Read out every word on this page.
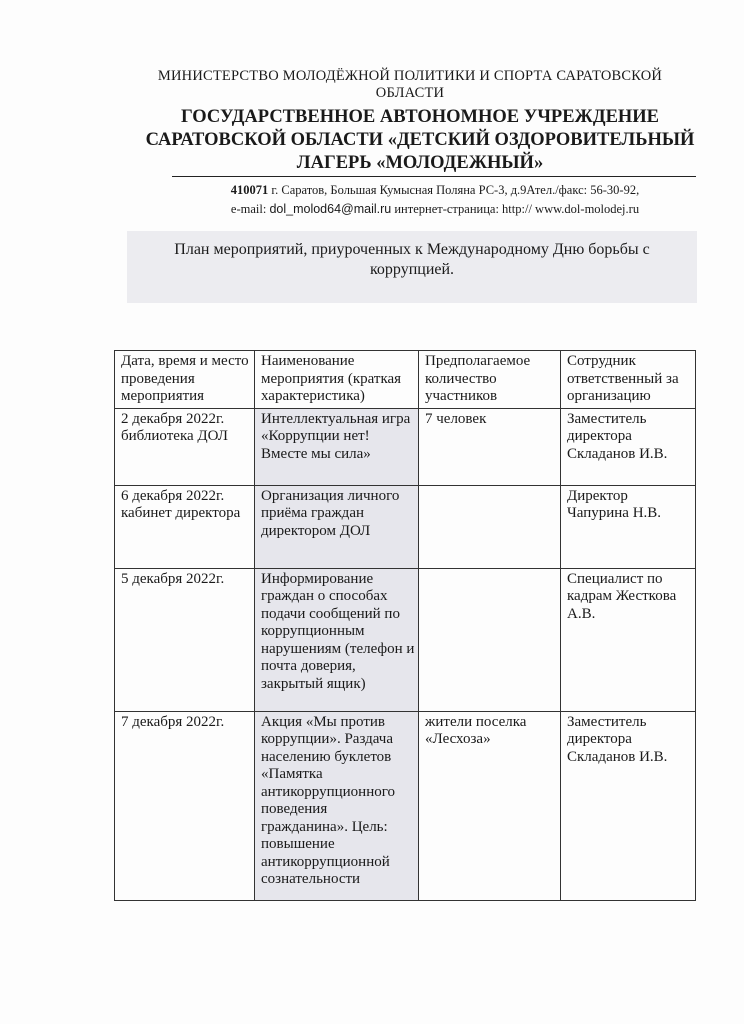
МИНИСТЕРСТВО МОЛОДЁЖНОЙ ПОЛИТИКИ И СПОРТА САРАТОВСКОЙ ОБЛАСТИ
ГОСУДАРСТВЕННОЕ АВТОНОМНОЕ УЧРЕЖДЕНИЕ САРАТОВСКОЙ ОБЛАСТИ «ДЕТСКИЙ ОЗДОРОВИТЕЛЬНЫЙ ЛАГЕРЬ «МОЛОДЕЖНЫЙ»
410071 г. Саратов, Большая Кумысная Поляна РС-3, д.9Ател./факс: 56-30-92,
e-mail: dol_molod64@mail.ru интернет-страница: http:// www.dol-molodej.ru
План мероприятий, приуроченных к Международному Дню борьбы с коррупцией.
Дата, время и место проведения мероприятия	Наименование мероприятия (краткая характеристика)	Предполагаемое количество участников	Сотрудник ответственный за организацию
2 декабря 2022г. библиотека ДОЛ	Интеллектуальная игра «Коррупции нет! Вместе мы сила»	7 человек	Заместитель директора Складанов И.В.
6 декабря 2022г. кабинет директора	Организация личного приёма граждан директором ДОЛ		Директор Чапурина Н.В.
5 декабря 2022г.	Информирование граждан о способах подачи сообщений по коррупционным нарушениям (телефон и почта доверия, закрытый ящик)		Специалист по кадрам Жесткова А.В.
7 декабря 2022г.	Акция «Мы против коррупции». Раздача населению буклетов «Памятка антикоррупционного поведения гражданина». Цель: повышение антикоррупционной сознательности	жители поселка «Лесхоза»	Заместитель директора Складанов И.В.
